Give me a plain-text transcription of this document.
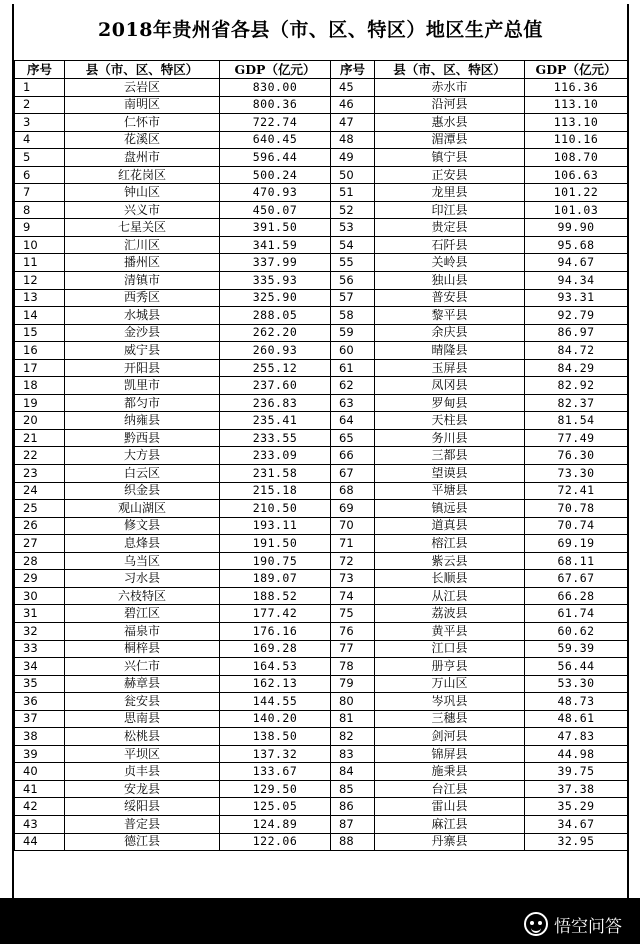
2018年贵州省各县（市、区、特区）地区生产总值
序号	县（市、区、特区）	GDP（亿元）	序号	县（市、区、特区）	GDP（亿元）
1	云岩区	830.00	45	赤水市	116.36
2	南明区	800.36	46	沿河县	113.10
3	仁怀市	722.74	47	惠水县	113.10
4	花溪区	640.45	48	湄潭县	110.16
5	盘州市	596.44	49	镇宁县	108.70
6	红花岗区	500.24	50	正安县	106.63
7	钟山区	470.93	51	龙里县	101.22
8	兴义市	450.07	52	印江县	101.03
9	七星关区	391.50	53	贵定县	99.90
10	汇川区	341.59	54	石阡县	95.68
11	播州区	337.99	55	关岭县	94.67
12	清镇市	335.93	56	独山县	94.34
13	西秀区	325.90	57	普安县	93.31
14	水城县	288.05	58	黎平县	92.79
15	金沙县	262.20	59	余庆县	86.97
16	威宁县	260.93	60	晴隆县	84.72
17	开阳县	255.12	61	玉屏县	84.29
18	凯里市	237.60	62	凤冈县	82.92
19	都匀市	236.83	63	罗甸县	82.37
20	纳雍县	235.41	64	天柱县	81.54
21	黔西县	233.55	65	务川县	77.49
22	大方县	233.09	66	三都县	76.30
23	白云区	231.58	67	望谟县	73.30
24	织金县	215.18	68	平塘县	72.41
25	观山湖区	210.50	69	镇远县	70.78
26	修文县	193.11	70	道真县	70.74
27	息烽县	191.50	71	榕江县	69.19
28	乌当区	190.75	72	紫云县	68.11
29	习水县	189.07	73	长顺县	67.67
30	六枝特区	188.52	74	从江县	66.28
31	碧江区	177.42	75	荔波县	61.74
32	福泉市	176.16	76	黄平县	60.62
33	桐梓县	169.28	77	江口县	59.39
34	兴仁市	164.53	78	册亨县	56.44
35	赫章县	162.13	79	万山区	53.30
36	瓮安县	144.55	80	岑巩县	48.73
37	思南县	140.20	81	三穗县	48.61
38	松桃县	138.50	82	剑河县	47.83
39	平坝区	137.32	83	锦屏县	44.98
40	贞丰县	133.67	84	施秉县	39.75
41	安龙县	129.50	85	台江县	37.38
42	绥阳县	125.05	86	雷山县	35.29
43	普定县	124.89	87	麻江县	34.67
44	德江县	122.06	88	丹寨县	32.95
悟空问答
